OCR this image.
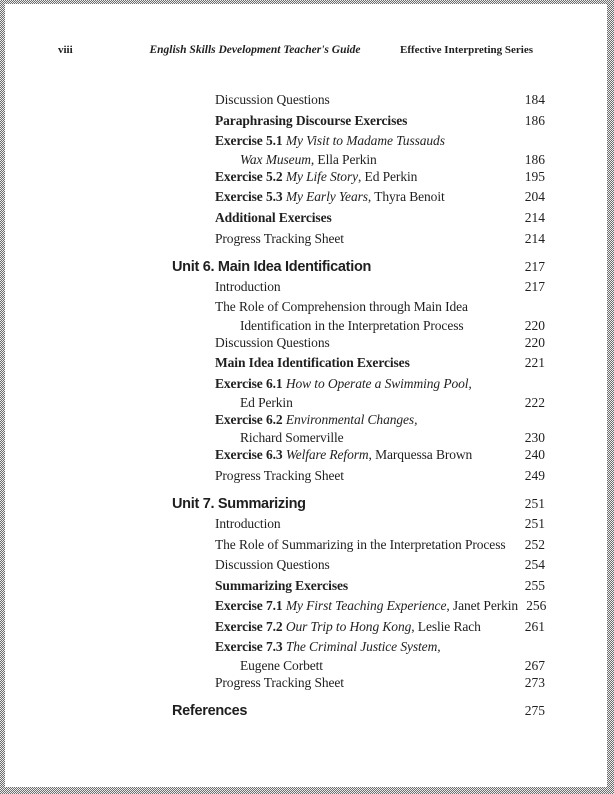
viii	English Skills Development Teacher's Guide	Effective Interpreting Series
Discussion Questions	184
Paraphrasing Discourse Exercises	186
Exercise 5.1 My Visit to Madame Tussauds
Wax Museum, Ella Perkin	186
Exercise 5.2 My Life Story, Ed Perkin	195
Exercise 5.3 My Early Years, Thyra Benoit	204
Additional Exercises	214
Progress Tracking Sheet	214
Unit 6. Main Idea Identification	217
Introduction	217
The Role of Comprehension through Main Idea
Identification in the Interpretation Process	220
Discussion Questions	220
Main Idea Identification Exercises	221
Exercise 6.1 How to Operate a Swimming Pool,
Ed Perkin	222
Exercise 6.2 Environmental Changes,
Richard Somerville	230
Exercise 6.3 Welfare Reform, Marquessa Brown	240
Progress Tracking Sheet	249
Unit 7. Summarizing	251
Introduction	251
The Role of Summarizing in the Interpretation Process	252
Discussion Questions	254
Summarizing Exercises	255
Exercise 7.1 My First Teaching Experience, Janet Perkin 256
Exercise 7.2 Our Trip to Hong Kong, Leslie Rach	261
Exercise 7.3 The Criminal Justice System,
Eugene Corbett	267
Progress Tracking Sheet	273
References	275
